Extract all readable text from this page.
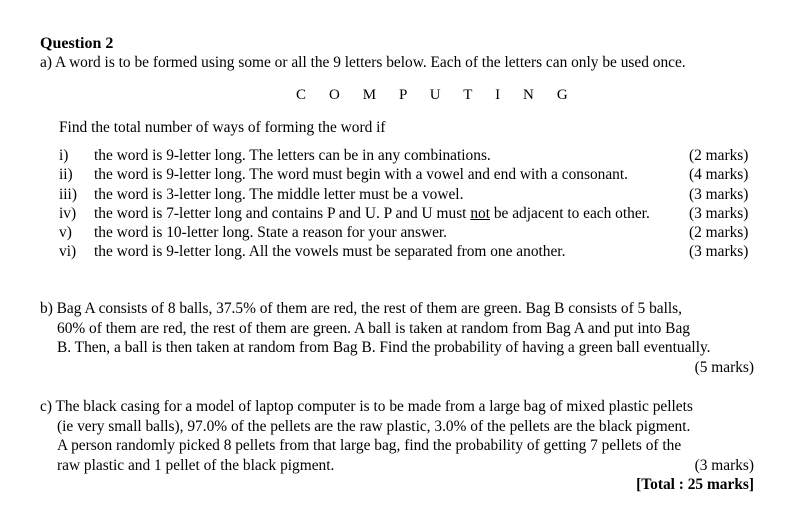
Question 2
a) A word is to be formed using some or all the 9 letters below. Each of the letters can only be used once.
C O M P U T I N G
Find the total number of ways of forming the word if
i) the word is 9-letter long. The letters can be in any combinations.	(2 marks)
ii) the word is 9-letter long. The word must begin with a vowel and end with a consonant.	(4 marks)
iii) the word is 3-letter long. The middle letter must be a vowel.	(3 marks)
iv) the word is 7-letter long and contains P and U. P and U must not be adjacent to each other.	(3 marks)
v) the word is 10-letter long. State a reason for your answer.	(2 marks)
vi) the word is 9-letter long. All the vowels must be separated from one another.	(3 marks)
b) Bag A consists of 8 balls, 37.5% of them are red, the rest of them are green. Bag B consists of 5 balls,
60% of them are red, the rest of them are green. A ball is taken at random from Bag A and put into Bag
B. Then, a ball is then taken at random from Bag B. Find the probability of having a green ball eventually.
(5 marks)
c) The black casing for a model of laptop computer is to be made from a large bag of mixed plastic pellets
(ie very small balls), 97.0% of the pellets are the raw plastic, 3.0% of the pellets are the black pigment.
A person randomly picked 8 pellets from that large bag, find the probability of getting 7 pellets of the
raw plastic and 1 pellet of the black pigment.	(3 marks)
[Total : 25 marks]
